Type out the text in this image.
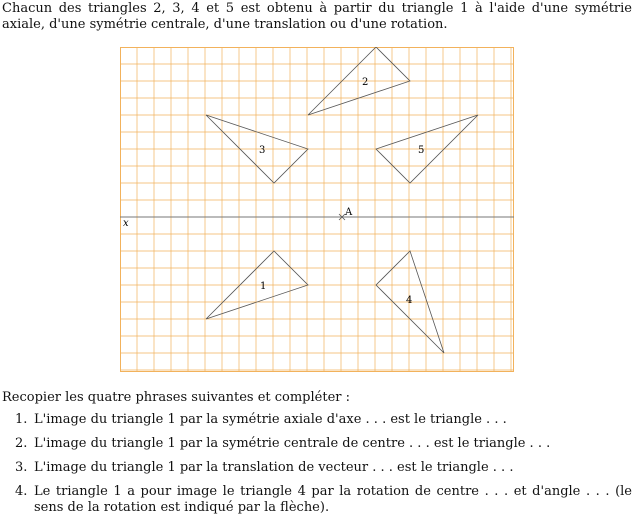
Chacun des triangles 2, 3, 4 et 5 est obtenu à partir du triangle 1 à l'aide d'une symétrie axiale, d'une symétrie centrale, d'une translation ou d'une rotation.
x
A
1
2
3
4
5
Recopier les quatre phrases suivantes et compléter :
1. L'image du triangle 1 par la symétrie axiale d'axe . . . est le triangle . . .
2. L'image du triangle 1 par la symétrie centrale de centre . . . est le triangle . . .
3. L'image du triangle 1 par la translation de vecteur . . . est le triangle . . .
4. Le triangle 1 a pour image le triangle 4 par la rotation de centre . . . et d'angle . . . (le sens de la rotation est indiqué par la flèche).
